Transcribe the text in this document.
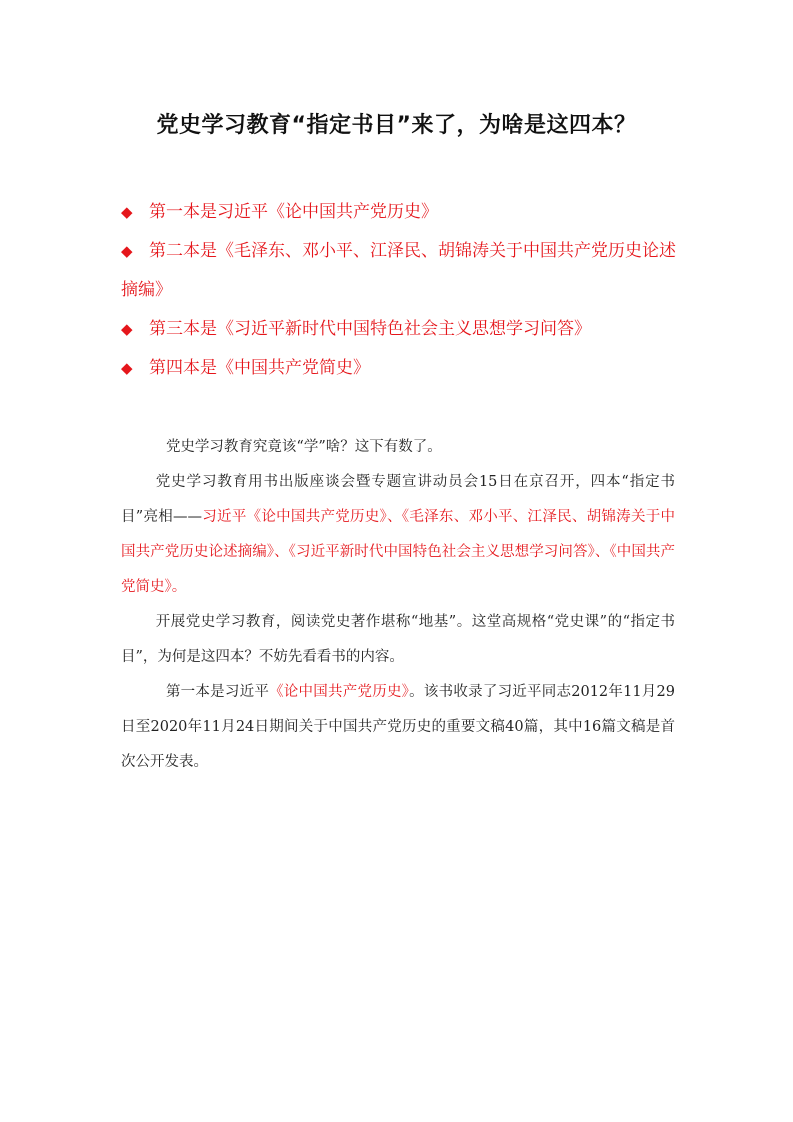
党史学习教育“指定书目”来了，为啥是这四本？

◆ 第一本是习近平《论中国共产党历史》

◆ 第二本是《毛泽东、邓小平、江泽民、胡锦涛关于中国共产党历史论述摘编》

◆ 第三本是《习近平新时代中国特色社会主义思想学习问答》

◆ 第四本是《中国共产党简史》

党史学习教育究竟该“学”啥？这下有数了。

党史学习教育用书出版座谈会暨专题宣讲动员会15日在京召开，四本“指定书目”亮相——习近平《论中国共产党历史》、《毛泽东、邓小平、江泽民、胡锦涛关于中国共产党历史论述摘编》、《习近平新时代中国特色社会主义思想学习问答》、《中国共产党简史》。

开展党史学习教育，阅读党史著作堪称“地基”。这堂高规格“党史课”的“指定书目”，为何是这四本？不妨先看看书的内容。

第一本是习近平《论中国共产党历史》。该书收录了习近平同志2012年11月29日至2020年11月24日期间关于中国共产党历史的重要文稿40篇，其中16篇文稿是首次公开发表。
